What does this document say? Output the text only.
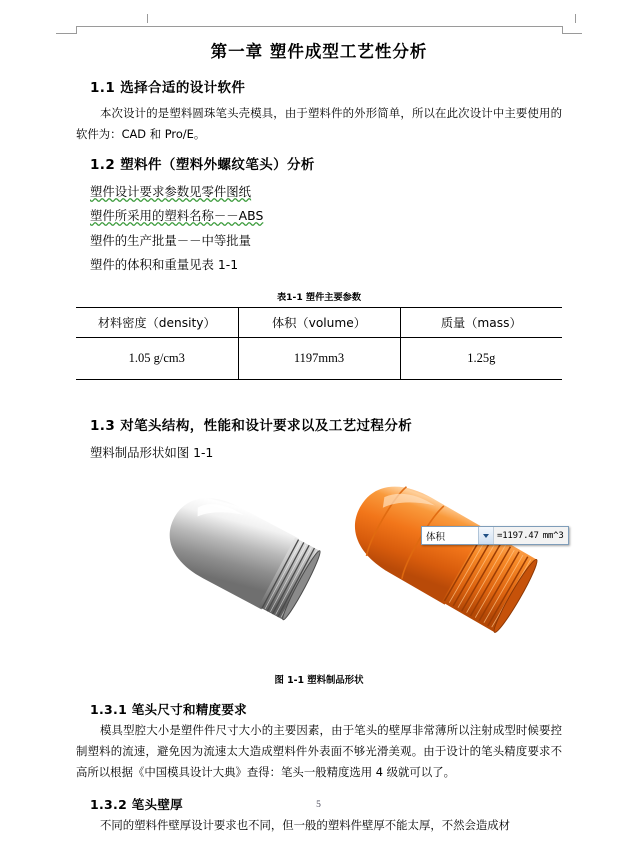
第一章 塑件成型工艺性分析
1.1 选择合适的设计软件

本次设计的是塑料圆珠笔头壳模具，由于塑料件的外形简单，所以在此次设计中主要使用的软件为：CAD 和 Pro/E。

1.2 塑料件（塑料外螺纹笔头）分析

塑件设计要求参数见零件图纸

塑件所采用的塑料名称－－ABS

塑件的生产批量－－中等批量

塑件的体积和重量见表 1-1

表1-1 塑件主要参数
材料密度（density）	体积（volume）	质量（mass）
1.05 g/cm3	1197mm3	1.25g
1.3 对笔头结构，性能和设计要求以及工艺过程分析

塑料制品形状如图 1-1

体积	=1197.47 mm^3
图 1-1 塑料制品形状
1.3.1 笔头尺寸和精度要求

模具型腔大小是塑件件尺寸大小的主要因素，由于笔头的壁厚非常薄所以注射成型时候要控制塑料的流速，避免因为流速太大造成塑料件外表面不够光滑美观。由于设计的笔头精度要求不高所以根据《中国模具设计大典》查得：笔头一般精度选用 4 级就可以了。

1.3.2 笔头壁厚

不同的塑料件壁厚设计要求也不同，但一般的塑料件壁厚不能太厚，不然会造成材

5
